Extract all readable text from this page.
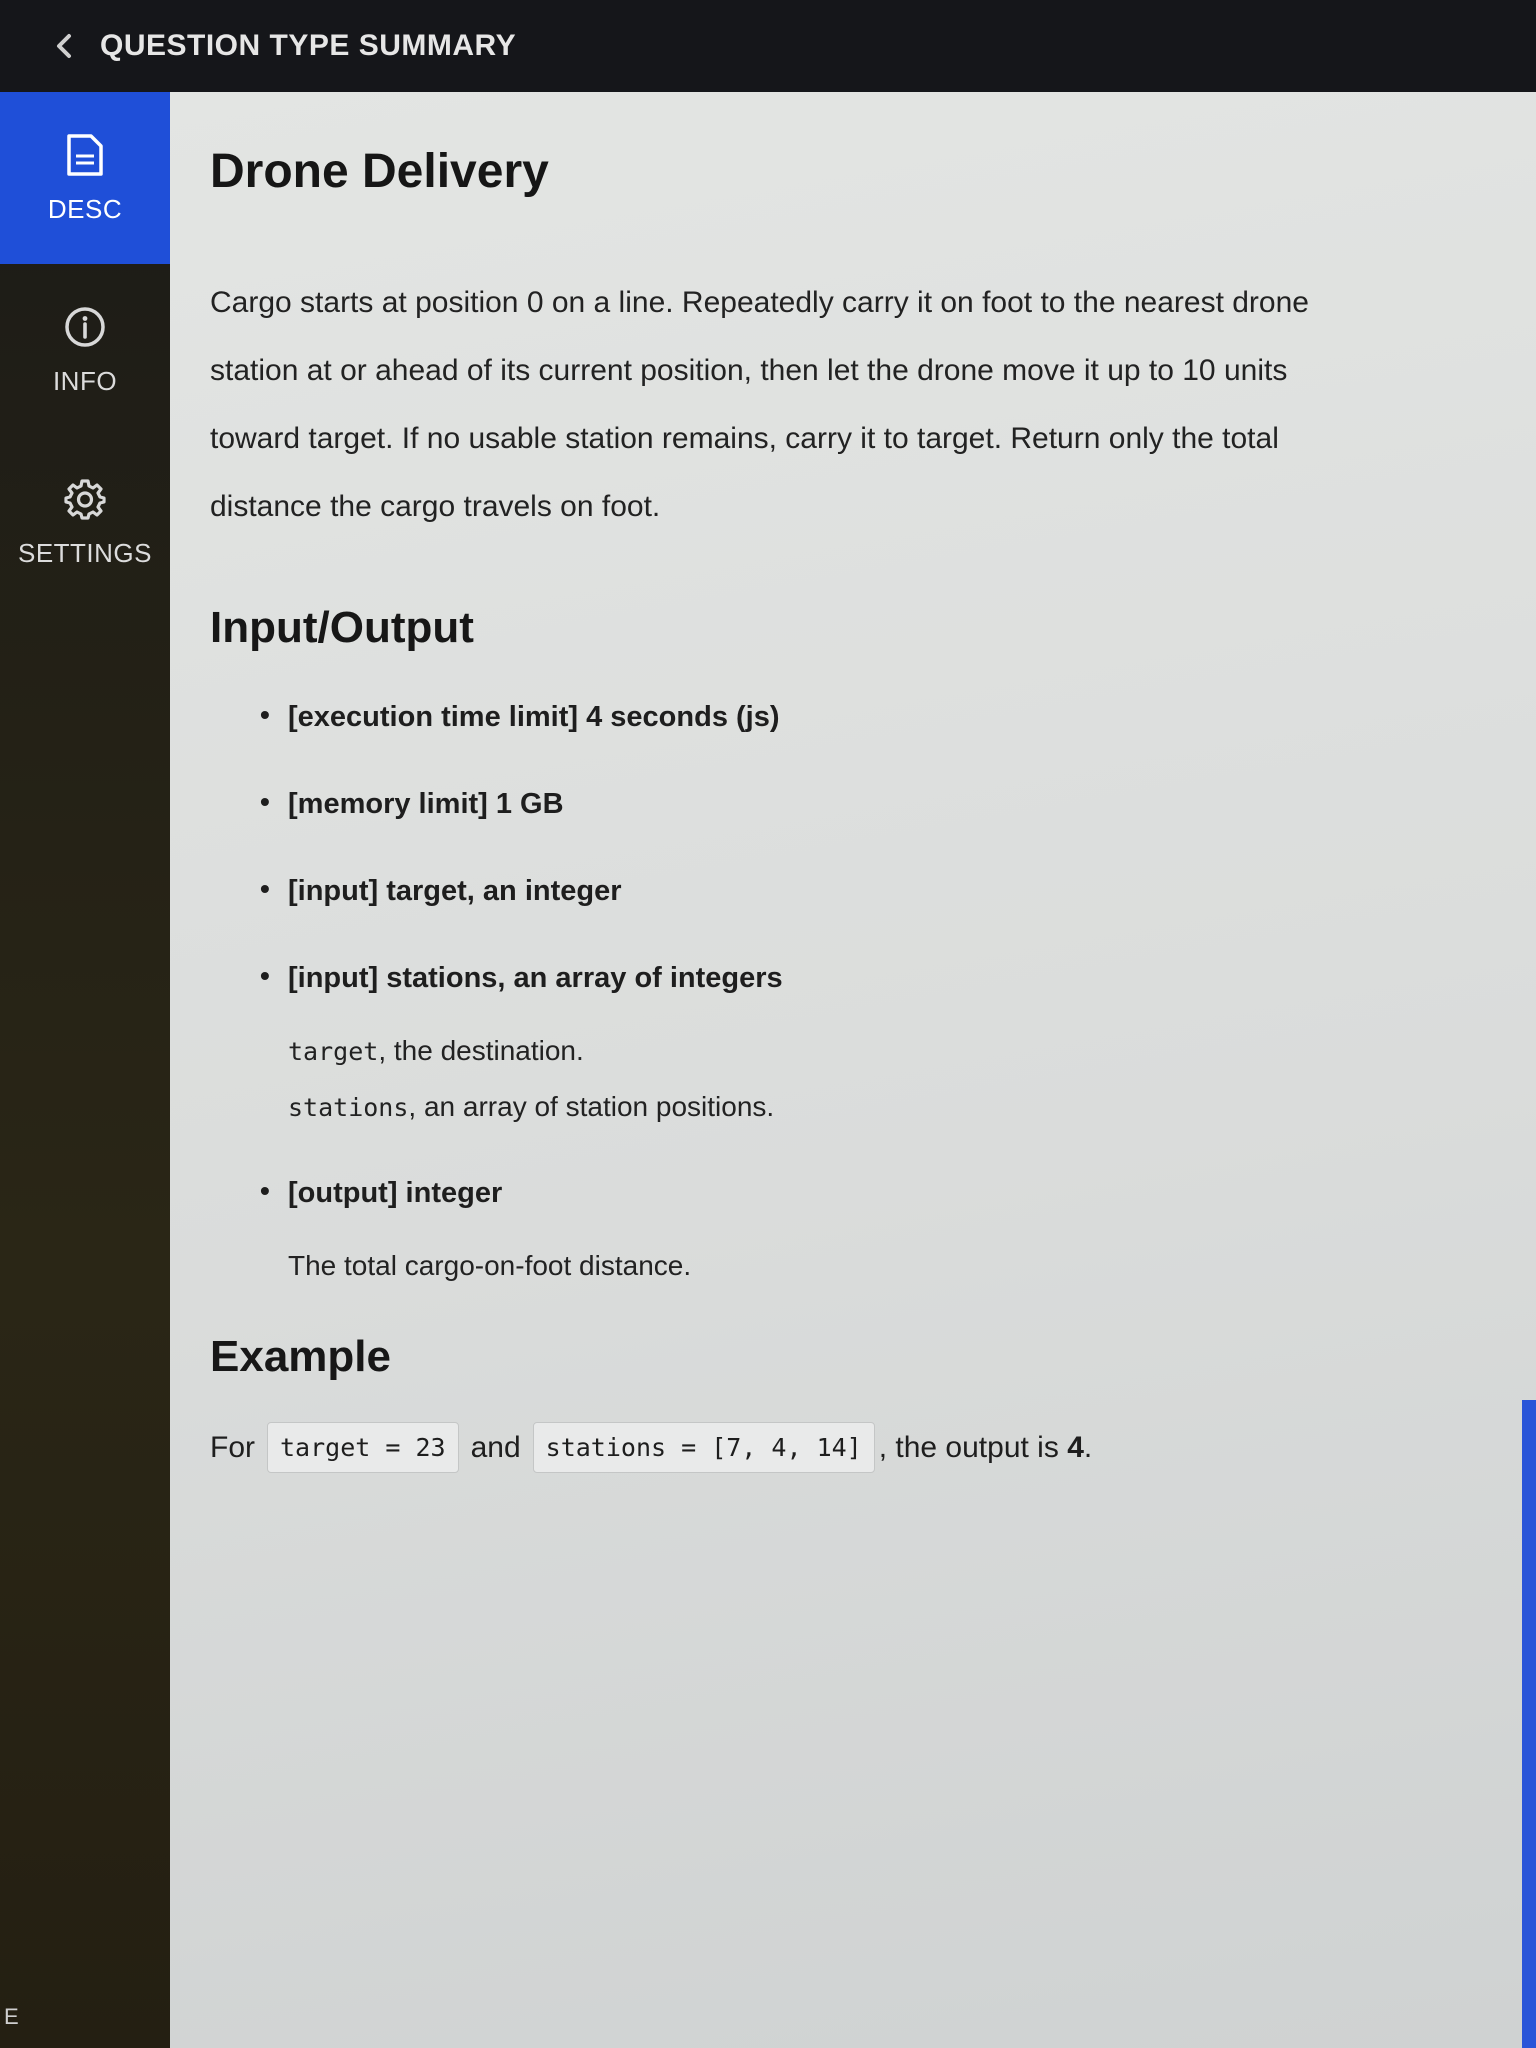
QUESTION TYPE SUMMARY
DESC
INFO
SETTINGS
E
Drone Delivery

Cargo starts at position 0 on a line. Repeatedly carry it on foot to the nearest drone station at or ahead of its current position, then let the drone move it up to 10 units toward target. If no usable station remains, carry it to target. Return only the total distance the cargo travels on foot.

Input/Output
• [execution time limit] 4 seconds (js)
• [memory limit] 1 GB
• [input] target, an integer
• [input] stations, an array of integers
target, the destination.
stations, an array of station positions.
• [output] integer
The total cargo-on-foot distance.
Example
For	target = 23 and	stations = [7, 4, 14] , the output is
4 .
